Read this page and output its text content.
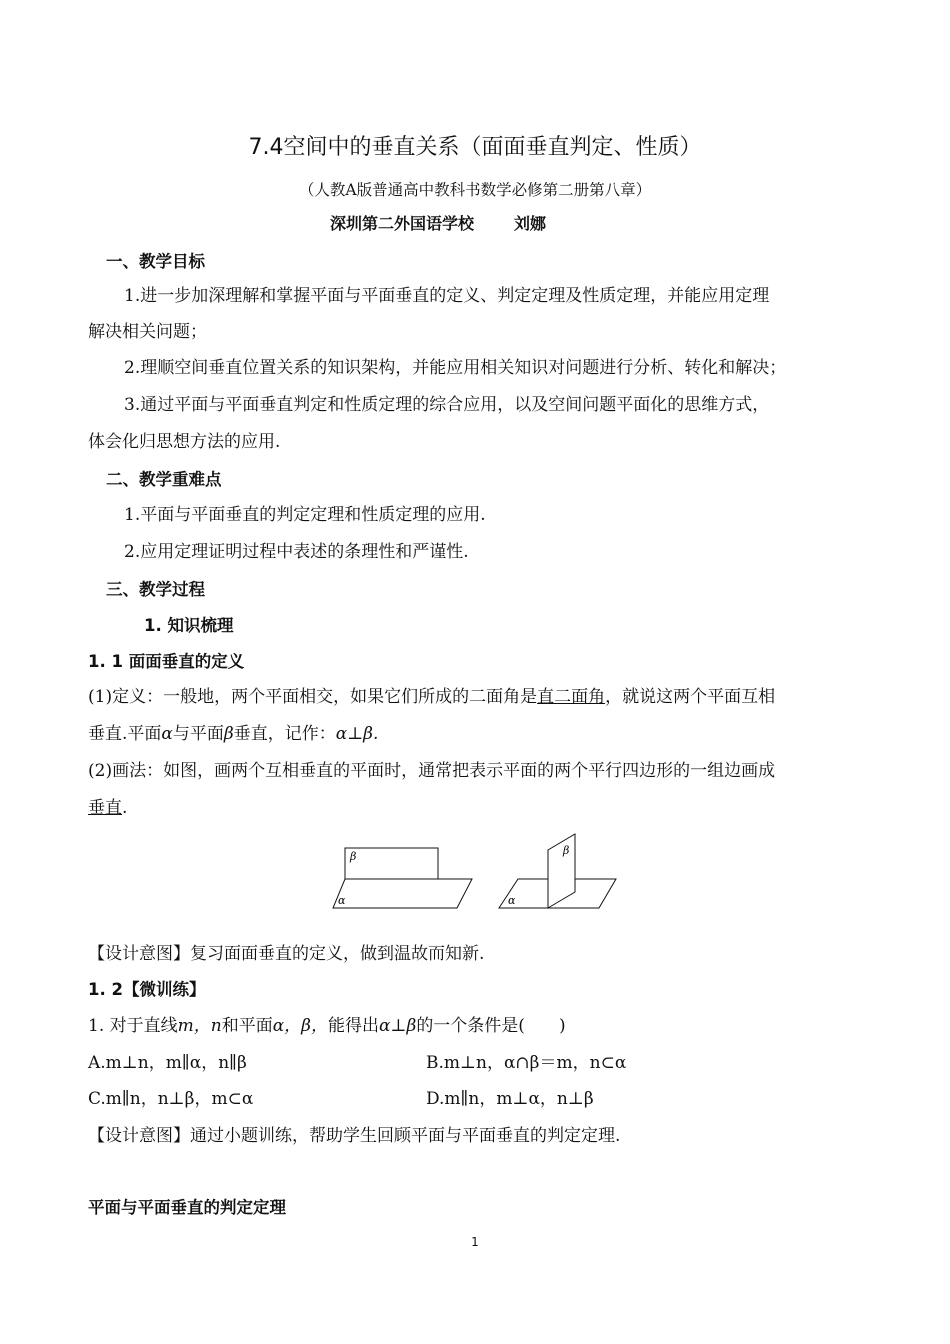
7.4空间中的垂直关系（面面垂直判定、性质）
（人教A版普通高中教科书数学必修第二册第八章）
深圳第二外国语学校	刘娜
一、教学目标
1.进一步加深理解和掌握平面与平面垂直的定义、判定定理及性质定理，并能应用定理
解决相关问题；
2.理顺空间垂直位置关系的知识架构，并能应用相关知识对问题进行分析、转化和解决；
3.通过平面与平面垂直判定和性质定理的综合应用，以及空间问题平面化的思维方式，
体会化归思想方法的应用.
二、教学重难点
1.平面与平面垂直的判定定理和性质定理的应用.
2.应用定理证明过程中表述的条理性和严谨性.
三、教学过程
1. 知识梳理
1. 1 面面垂直的定义
(1)定义：一般地，两个平面相交，如果它们所成的二面角是直二面角，就说这两个平面互相
垂直.平面α与平面β垂直，记作：α⊥β.
(2)画法：如图，画两个互相垂直的平面时，通常把表示平面的两个平行四边形的一组边画成
垂直.
β
α
β
α
【设计意图】复习面面垂直的定义，做到温故而知新.
1. 2【微训练】
1. 对于直线m，n和平面α，β，能得出α⊥β的一个条件是(　　)
A.m⊥n，m∥α，n∥β	B.m⊥n，α∩β＝m，n⊂α
C.m∥n，n⊥β，m⊂α	D.m∥n，m⊥α，n⊥β
【设计意图】通过小题训练，帮助学生回顾平面与平面垂直的判定定理.
平面与平面垂直的判定定理
1
